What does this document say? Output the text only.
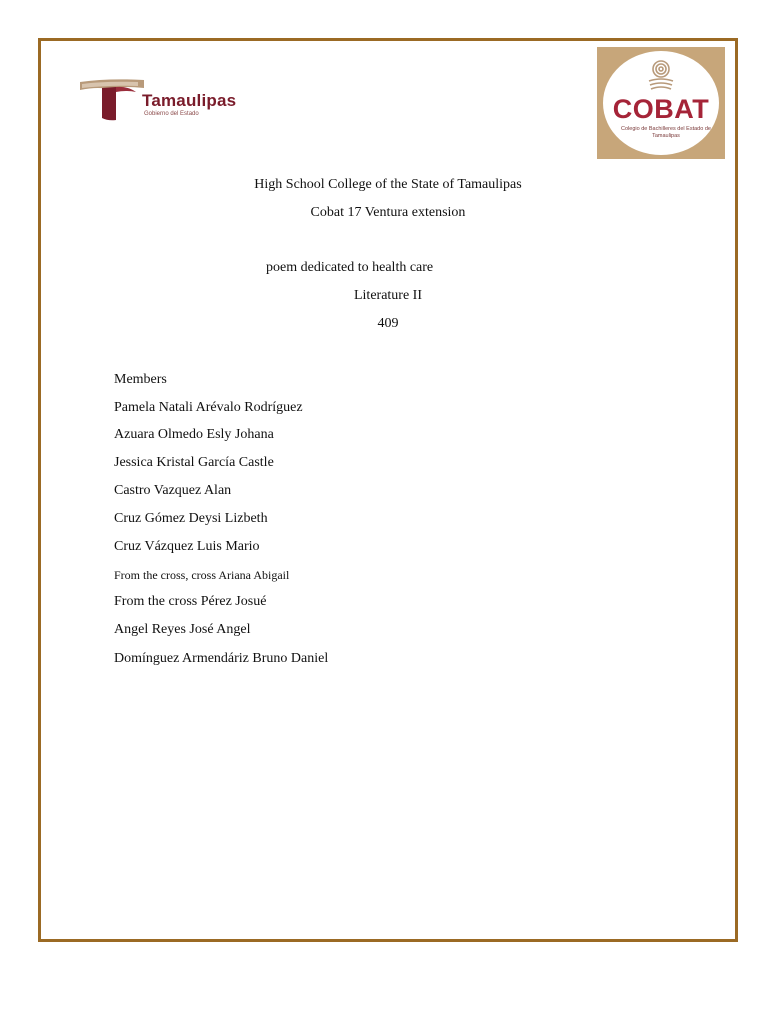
Tamaulipas
Gobierno del Estado	COBAT
Colegio de Bachilleres del Estado de Tamaulipas
High School College of the State of Tamaulipas
Cobat 17 Ventura extension
poem dedicated to health care
Literature II
409
Members
Pamela Natali Arévalo Rodríguez
Azuara Olmedo Esly Johana
Jessica Kristal García Castle
Castro Vazquez Alan
Cruz Gómez Deysi Lizbeth
Cruz Vázquez Luis Mario
From the cross, cross Ariana Abigail
From the cross Pérez Josué
Angel Reyes José Angel
Domínguez Armendáriz Bruno Daniel
